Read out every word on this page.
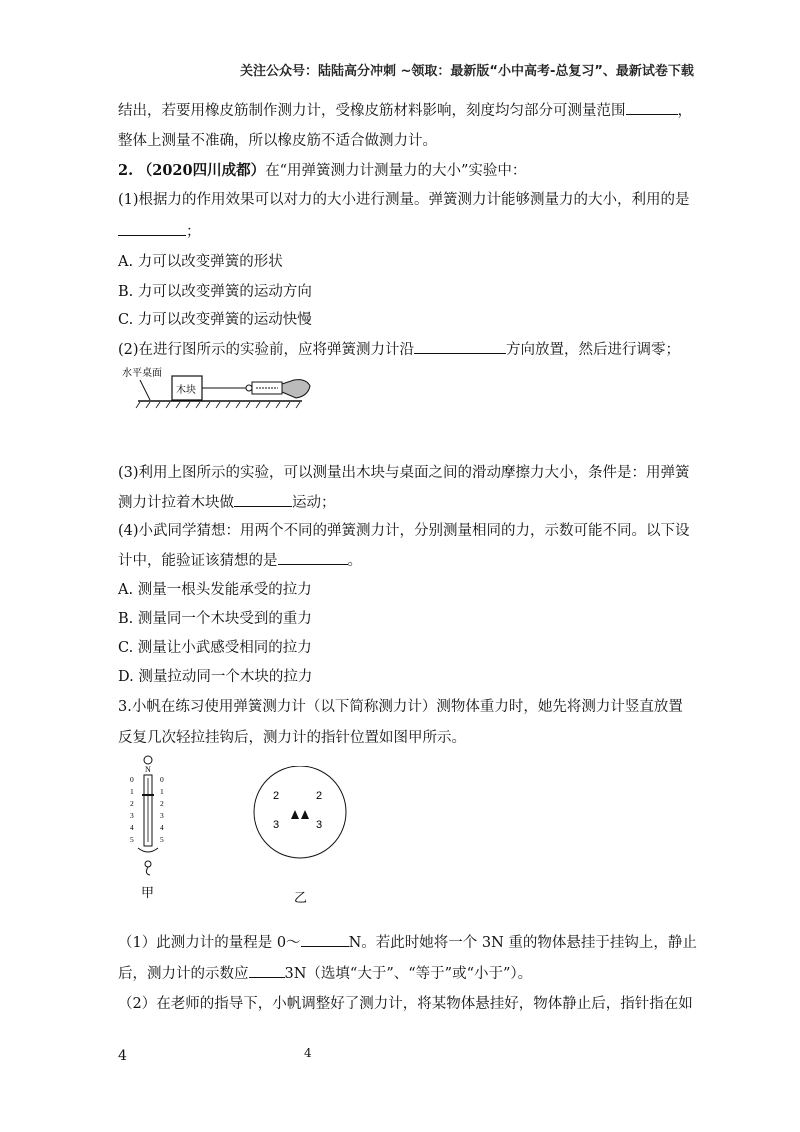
关注公众号：陆陆高分冲刺 ~领取：最新版“小中高考-总复习”、最新试卷下载
结出，若要用橡皮筋制作测力计，受橡皮筋材料影响，刻度均匀部分可测量范围	，
整体上测量不准确，所以橡皮筋不适合做测力计。
2. （2020四川成都）在“用弹簧测力计测量力的大小”实验中：
(1)根据力的作用效果可以对力的大小进行测量。弹簧测力计能够测量力的大小，利用的是
；
A. 力可以改变弹簧的形状
B. 力可以改变弹簧的运动方向
C. 力可以改变弹簧的运动快慢
(2)在进行图所示的实验前，应将弹簧测力计沿	方向放置，然后进行调零；
水平桌面
木块
(3)利用上图所示的实验，可以测量出木块与桌面之间的滑动摩擦力大小，条件是：用弹簧
测力计拉着木块做	运动；
(4)小武同学猜想：用两个不同的弹簧测力计，分别测量相同的力，示数可能不同。以下设
计中，能验证该猜想的是	。
A. 测量一根头发能承受的拉力
B. 测量同一个木块受到的重力
C. 测量让小武感受相同的拉力
D. 测量拉动同一个木块的拉力
3.小帆在练习使用弹簧测力计（以下简称测力计）测物体重力时，她先将测力计竖直放置
反复几次轻拉挂钩后，测力计的指针位置如图甲所示。
N
0
1
2
3
4
5
0
1
2
3
4
5
甲
2	2
3	3
乙
（1）此测力计的量程是 0～	N。若此时她将一个 3N 重的物体悬挂于挂钩上，静止
后，测力计的示数应 3N（选填“大于”、“等于”或“小于”）。
（2）在老师的指导下，小帆调整好了测力计，将某物体悬挂好，物体静止后，指针指在如
4	4
